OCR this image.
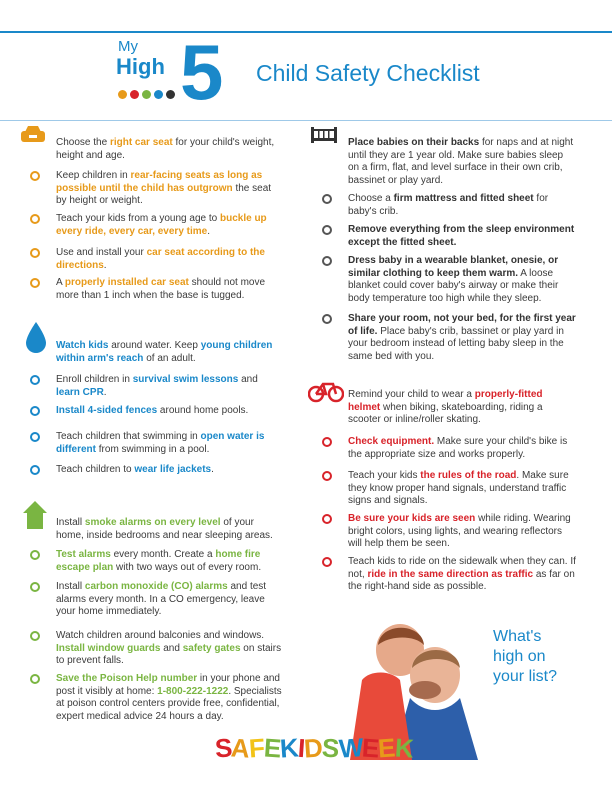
My
High 5 Child Safety Checklist
Choose the right car seat for your child's weight, height and age.
Keep children in rear-facing seats as long as possible until the child has outgrown the seat by height or weight.
Teach your kids from a young age to buckle up every ride, every car, every time.
Use and install your car seat according to the directions.
A properly installed car seat should not move more than 1 inch when the base is tugged.
Watch kids around water. Keep young children within arm's reach of an adult.
Enroll children in survival swim lessons and learn CPR.
Install 4-sided fences around home pools.
Teach children that swimming in open water is different from swimming in a pool.
Teach children to wear life jackets.
Install smoke alarms on every level of your home, inside bedrooms and near sleeping areas.
Test alarms every month. Create a home fire escape plan with two ways out of every room.
Install carbon monoxide (CO) alarms and test alarms every month. In a CO emergency, leave your home immediately.
Watch children around balconies and windows. Install window guards and safety gates on stairs to prevent falls.
Save the Poison Help number in your phone and post it visibly at home: 1-800-222-1222. Specialists at poison control centers provide free, confidential, expert medical advice 24 hours a day.
Place babies on their backs for naps and at night until they are 1 year old. Make sure babies sleep on a firm, flat, and level surface in their own crib, bassinet or play yard.
Choose a firm mattress and fitted sheet for baby's crib.
Remove everything from the sleep environment except the fitted sheet.
Dress baby in a wearable blanket, onesie, or similar clothing to keep them warm. A loose blanket could cover baby's airway or make their body temperature too high while they sleep.
Share your room, not your bed, for the first year of life. Place baby's crib, bassinet or play yard in your bedroom instead of letting baby sleep in the same bed with you.
Remind your child to wear a properly-fitted helmet when biking, skateboarding, riding a scooter or inline/roller skating.
Check equipment. Make sure your child's bike is the appropriate size and works properly.
Teach your kids the rules of the road. Make sure they know proper hand signals, understand traffic signs and signals.
Be sure your kids are seen while riding. Wearing bright colors, using lights, and wearing reflectors will help them be seen.
Teach kids to ride on the sidewalk when they can. If not, ride in the same direction as traffic as far on the right-hand side as possible.
What's
high on
your list?
SAFEKIDSWEEK
